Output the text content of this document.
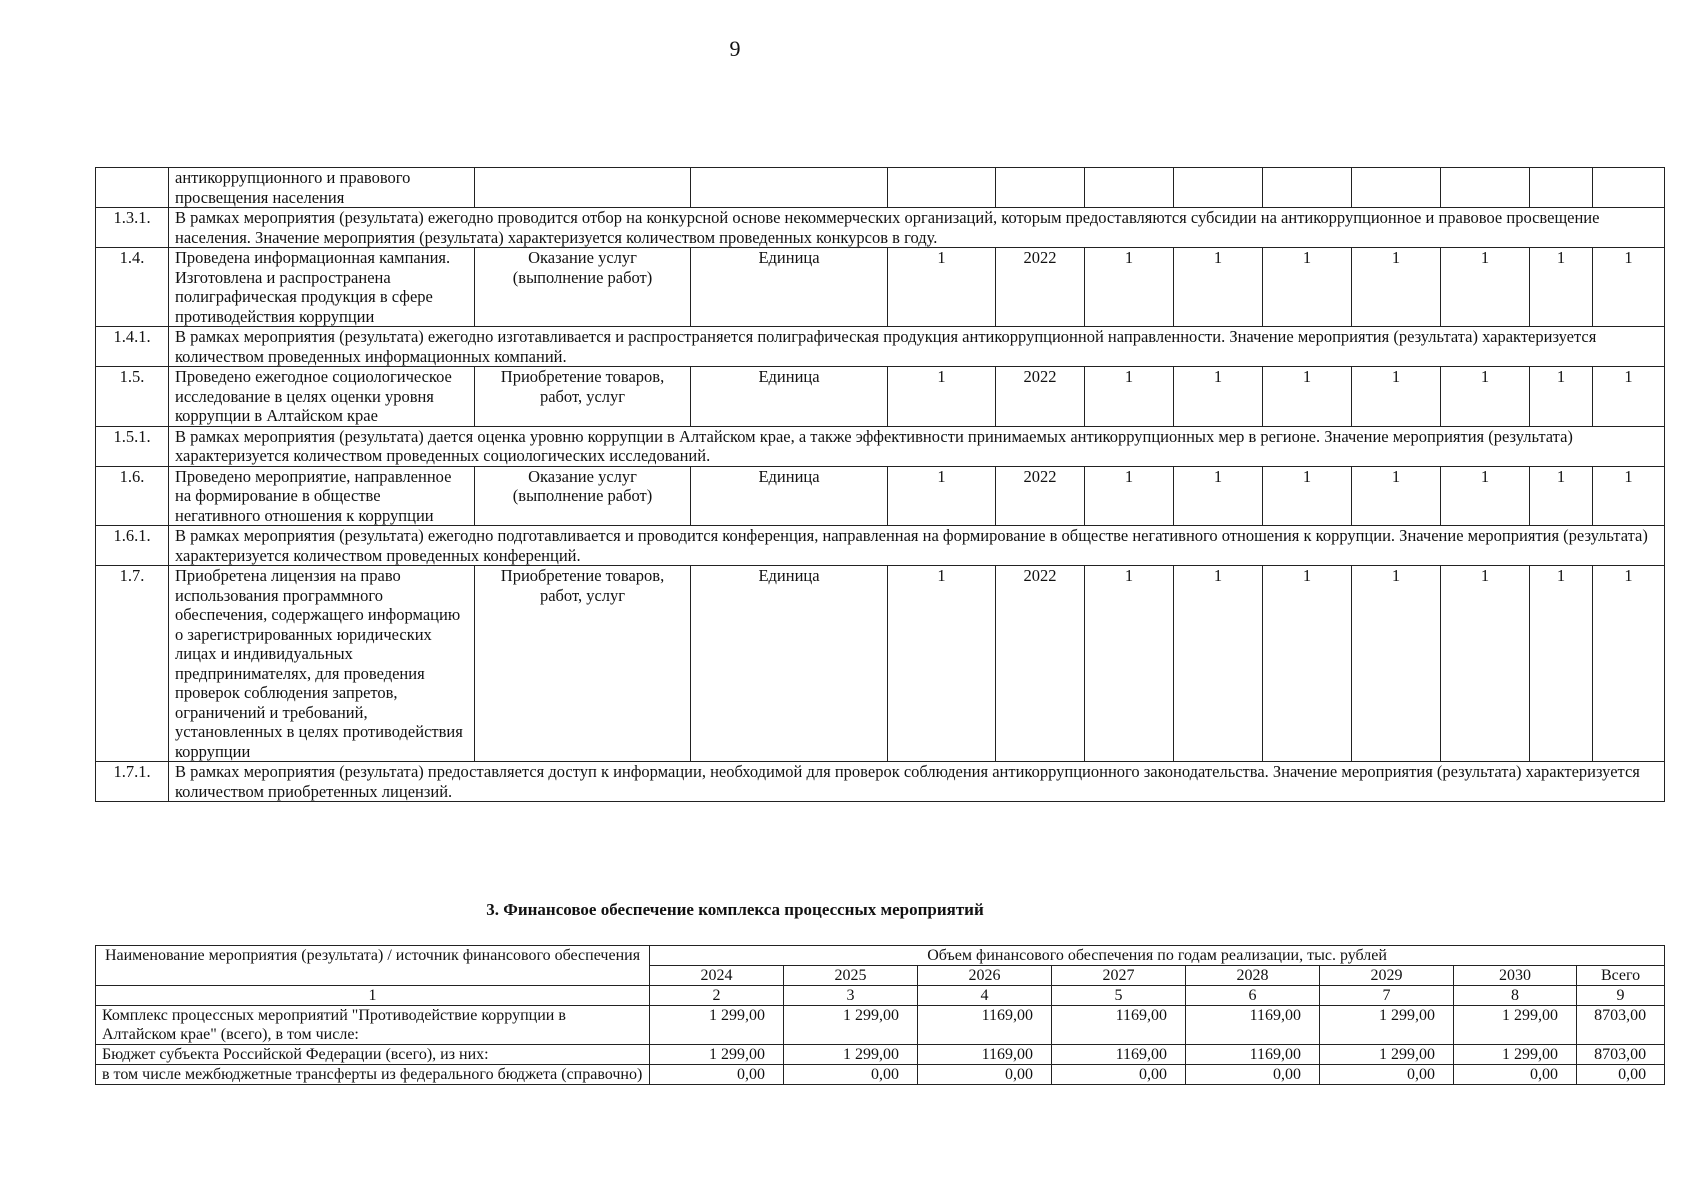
9
	антикоррупционного и правового просвещения населения											
1.3.1.	В рамках мероприятия (результата) ежегодно проводится отбор на конкурсной основе некоммерческих организаций, которым предоставляются субсидии на антикоррупционное и правовое просвещение населения. Значение мероприятия (результата) характеризуется количеством проведенных конкурсов в году.											
1.4.	Проведена информационная кампания. Изготовлена и распространена полиграфическая продукция в сфере противодействия коррупции	Оказание услуг (выполнение работ)	Единица	1	2022	1	1	1	1	1	1	1
1.4.1.	В рамках мероприятия (результата) ежегодно изготавливается и распространяется полиграфическая продукция антикоррупционной направленности. Значение мероприятия (результата) характеризуется количеством проведенных информационных компаний.											
1.5.	Проведено ежегодное социологическое исследование в целях оценки уровня коррупции в Алтайском крае	Приобретение товаров, работ, услуг	Единица	1	2022	1	1	1	1	1	1	1
1.5.1.	В рамках мероприятия (результата) дается оценка уровню коррупции в Алтайском крае, а также эффективности принимаемых антикоррупционных мер в регионе. Значение мероприятия (результата) характеризуется количеством проведенных социологических исследований.											
1.6.	Проведено мероприятие, направленное на формирование в обществе негативного отношения к коррупции	Оказание услуг (выполнение работ)	Единица	1	2022	1	1	1	1	1	1	1
1.6.1.	В рамках мероприятия (результата) ежегодно подготавливается и проводится конференция, направленная на формирование в обществе негативного отношения к коррупции. Значение мероприятия (результата) характеризуется количеством проведенных конференций.											
1.7.	Приобретена лицензия на право использования программного обеспечения, содержащего информацию о зарегистрированных юридических лицах и индивидуальных предпринимателях, для проведения проверок соблюдения запретов, ограничений и требований, установленных в целях противодействия коррупции	Приобретение товаров, работ, услуг	Единица	1	2022	1	1	1	1	1	1	1
1.7.1.	В рамках мероприятия (результата) предоставляется доступ к информации, необходимой для проверок соблюдения антикоррупционного законодательства. Значение мероприятия (результата) характеризуется количеством приобретенных лицензий.											
3. Финансовое обеспечение комплекса процессных мероприятий
Наименование мероприятия (результата) / источник финансового обеспечения	Объем финансового обеспечения по годам реализации, тыс. рублей							
	2024	2025	2026	2027	2028	2029	2030	Всего
1	2	3	4	5	6	7	8	9
Комплекс процессных мероприятий "Противодействие коррупции в Алтайском крае" (всего), в том числе:	1 299,00	1 299,00	1169,00	1169,00	1169,00	1 299,00	1 299,00	8703,00
Бюджет субъекта Российской Федерации (всего), из них:	1 299,00	1 299,00	1169,00	1169,00	1169,00	1 299,00	1 299,00	8703,00
в том числе межбюджетные трансферты из федерального бюджета (справочно)	0,00	0,00	0,00	0,00	0,00	0,00	0,00	0,00
